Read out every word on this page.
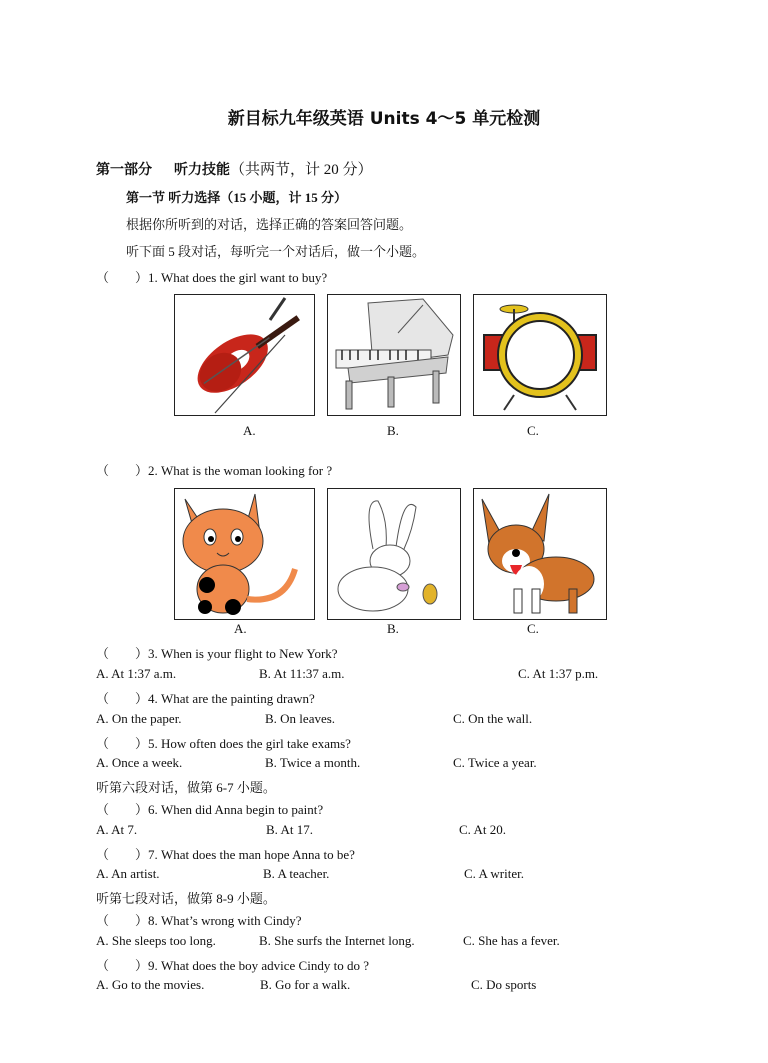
新目标九年级英语 Units 4～5 单元检测
第一部分 听力技能（共两节，计 20 分）
第一节 听力选择（15 小题，计 15 分）
根据你所听到的对话，选择正确的答案回答问题。
听下面 5 段对话，每听完一个对话后，做一个小题。
（　　）1. What does the girl want to buy?
A.	B.	C.
（　　）2. What is the woman looking for ?
A.	B.	C.
（　　）3. When is your flight to New York?
A. At 1:37 a.m.	B. At 11:37 a.m.	C. At 1:37 p.m.
（　　）4. What are the painting drawn?
A. On the paper.	B. On leaves.	C. On the wall.
（　　）5. How often does the girl take exams?
A. Once a week.	B. Twice a month.	C. Twice a year.
听第六段对话，做第 6-7 小题。
（　　）6. When did Anna begin to paint?
A. At 7.	B. At 17.	C. At 20.
（　　）7. What does the man hope Anna to be?
A. An artist.	B. A teacher.	C. A writer.
听第七段对话，做第 8-9 小题。
（　　）8. What’s wrong with Cindy?
A. She sleeps too long.	B. She surfs the Internet long.	C. She has a fever.
（　　）9. What does the boy advice Cindy to do ?
A. Go to the movies.	B. Go for a walk.	C. Do sports
